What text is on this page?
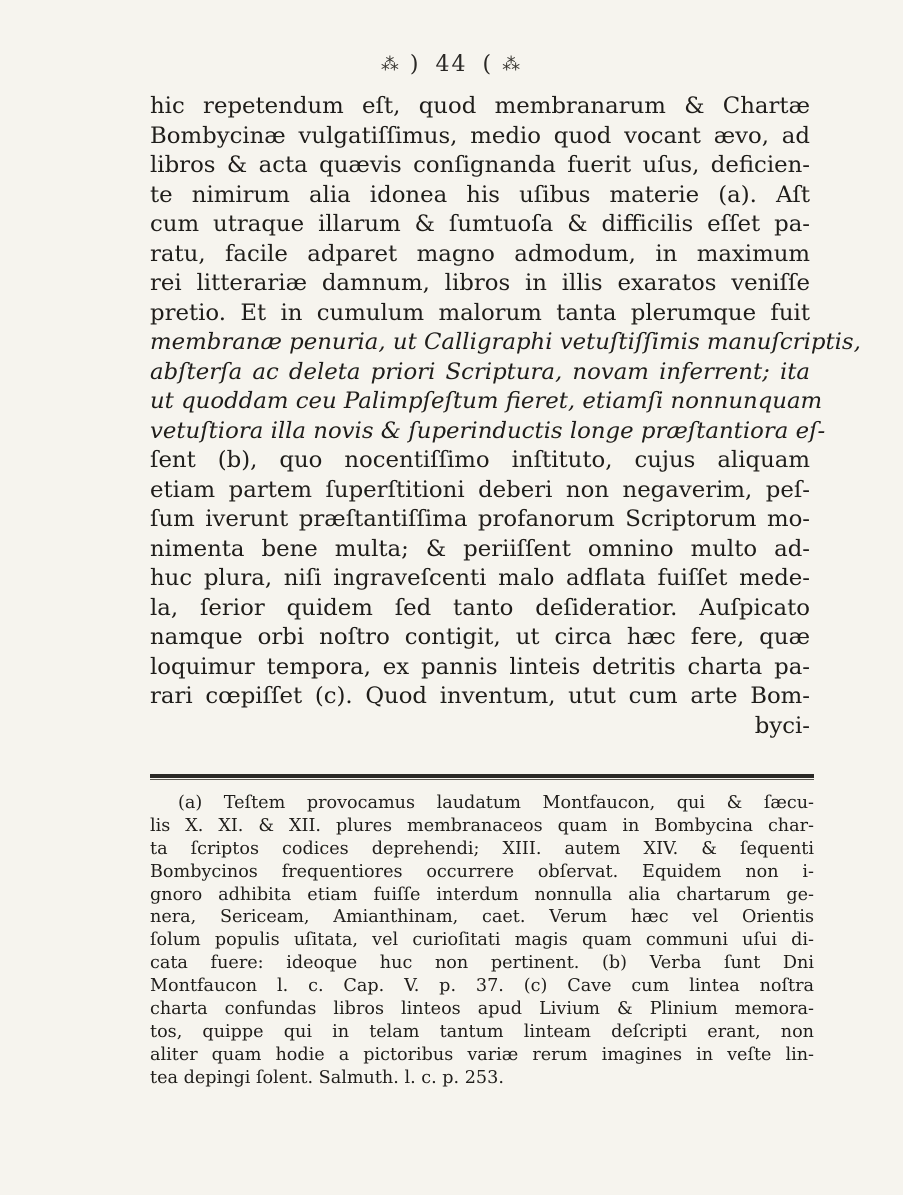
⁂ ) 44 ( ⁂
hic repetendum eſt, quod membranarum & Chartæ
Bombycinæ vulgatiſſimus, medio quod vocant ævo, ad
libros & acta quævis conſignanda fuerit uſus, deficien-
te nimirum alia idonea his uſibus materie (a). Aſt
cum utraque illarum & ſumtuoſa & difficilis eſſet pa-
ratu, facile adparet magno admodum, in maximum
rei litterariæ damnum, libros in illis exaratos veniſſe
pretio. Et in cumulum malorum tanta plerumque fuit
membranæ penuria, ut Calligraphi vetuſtiſſimis manuſcriptis,
abſterſa ac deleta priori Scriptura, novam inferrent; ita
ut quoddam ceu Palimpſeſtum fieret, etiamſi nonnunquam
vetuſtiora illa novis & ſuperinductis longe præſtantiora eſ-
ſent (b), quo nocentiſſimo inſtituto, cujus aliquam
etiam partem ſuperſtitioni deberi non negaverim, peſ-
ſum iverunt præſtantiſſima profanorum Scriptorum mo-
nimenta bene multa; & periiſſent omnino multo ad-
huc plura, niſi ingraveſcenti malo adflata fuiſſet mede-
la, ſerior quidem ſed tanto deſideratior. Auſpicato
namque orbi noſtro contigit, ut circa hæc fere, quæ
loquimur tempora, ex pannis linteis detritis charta pa-
rari cœpiſſet (c). Quod inventum, utut cum arte Bom-
byci-
(a) Teſtem provocamus laudatum Montfaucon, qui & ſæcu-
lis X. XI. & XII. plures membranaceos quam in Bombycina char-
ta ſcriptos codices deprehendi; XIII. autem XIV. & ſequenti
Bombycinos frequentiores occurrere obſervat. Equidem non i-
gnoro adhibita etiam fuiſſe interdum nonnulla alia chartarum ge-
nera, Sericeam, Amianthinam, caet. Verum hæc vel Orientis
ſolum populis uſitata, vel curioſitati magis quam communi uſui di-
cata fuere: ideoque huc non pertinent. (b) Verba ſunt Dni
Montfaucon l. c. Cap. V. p. 37. (c) Cave cum lintea noſtra
charta confundas libros linteos apud Livium & Plinium memora-
tos, quippe qui in telam tantum linteam deſcripti erant, non
aliter quam hodie a pictoribus variæ rerum imagines in veſte lin-
tea depingi ſolent. Salmuth. l. c. p. 253.
